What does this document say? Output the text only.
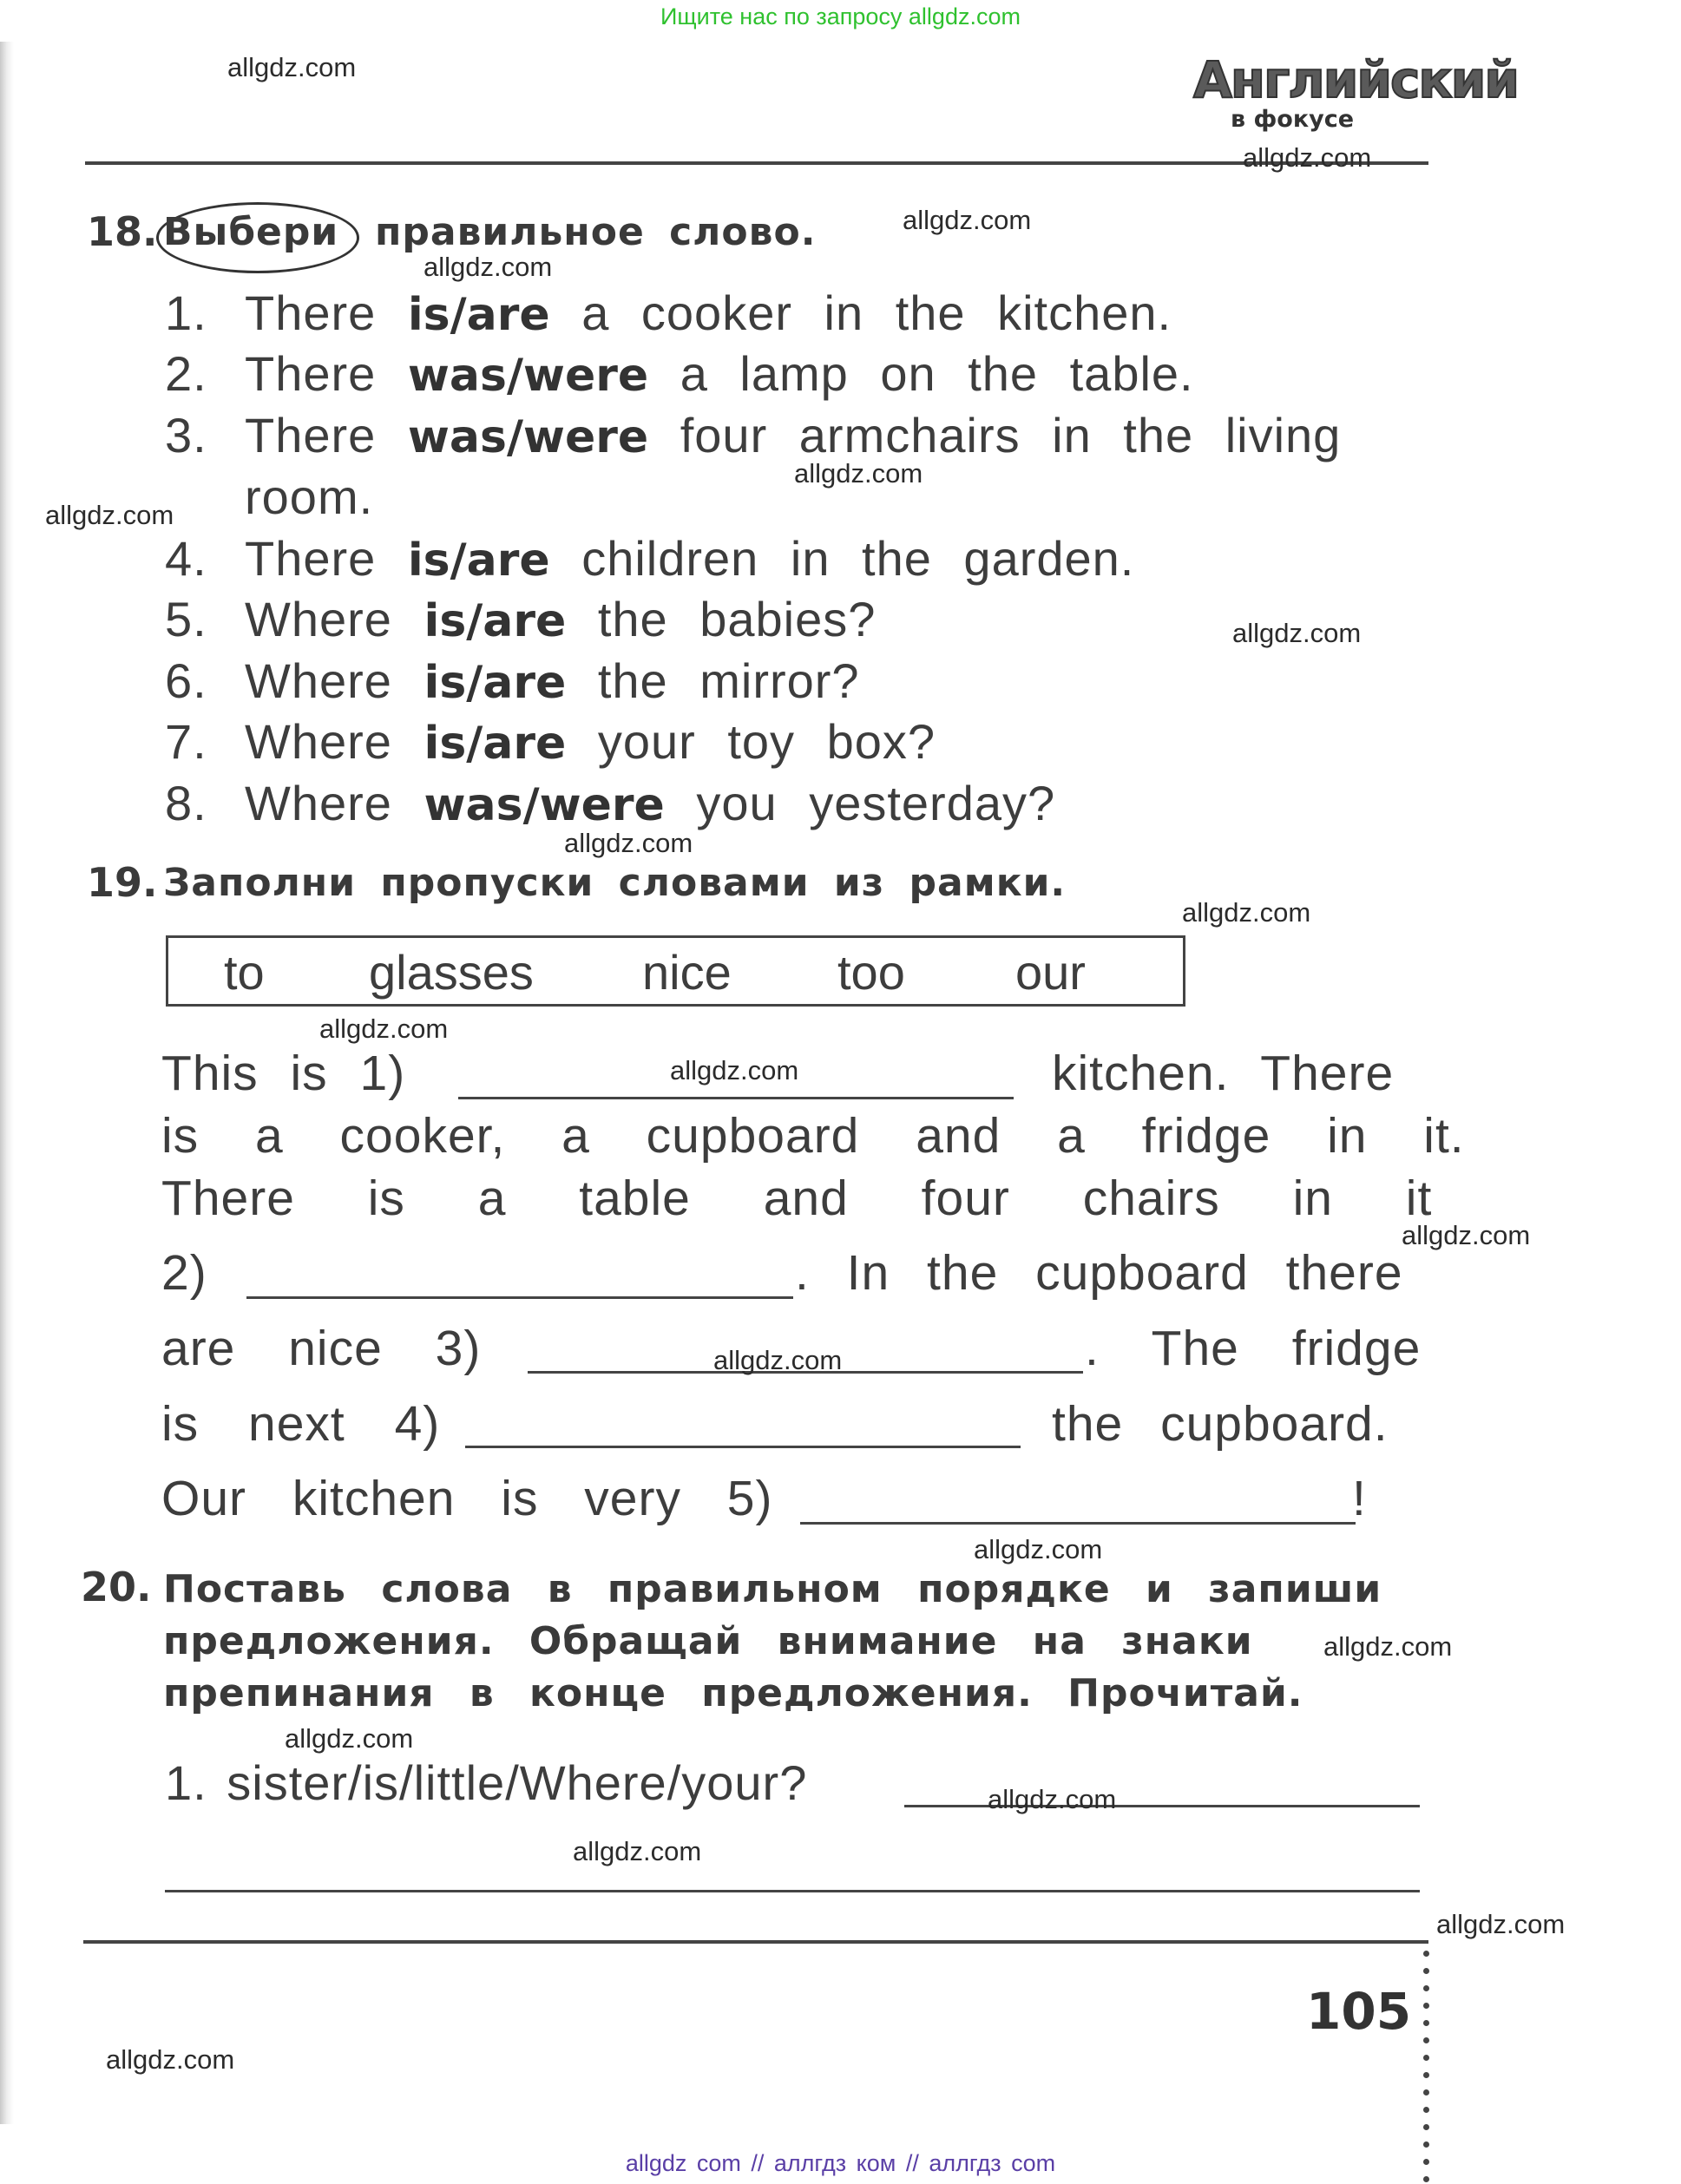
Ищите нас по запросу allgdz.com
Английский
в фокусе
18. Выбери правильное слово.
1. There is/are a cooker in the kitchen.
2. There was/were a lamp on the table.
3. There was/were four armchairs in the living
room.
4. There is/are children in the garden.
5. Where is/are the babies?
6. Where is/are the mirror?
7. Where is/are your toy box?
8. Where was/were you yesterday?
19. Заполни пропуски словами из рамки.
to glasses nice too our
This is 1)	kitchen. There
is a cooker, a cupboard and a fridge in it.
There is a table and four chairs in it
2)	. In the cupboard there
are nice 3)	. The fridge
is next 4)	the cupboard.
Our kitchen is very 5)	!
20. Поставь слова в правильном порядке и запиши
предложения. Обращай внимание на знаки
препинания в конце предложения. Прочитай.
1. sister/is/little/Where/your?
105
allgdz.com
allgdz.com
allgdz.com
allgdz.com
allgdz.com
allgdz.com
allgdz.com
allgdz.com
allgdz.com
allgdz.com
allgdz.com
allgdz.com
allgdz.com
allgdz.com
allgdz.com
allgdz.com
allgdz.com
allgdz.com
allgdz.com
allgdz.com
allgdz com // аллгдз ком // аллгдз com
